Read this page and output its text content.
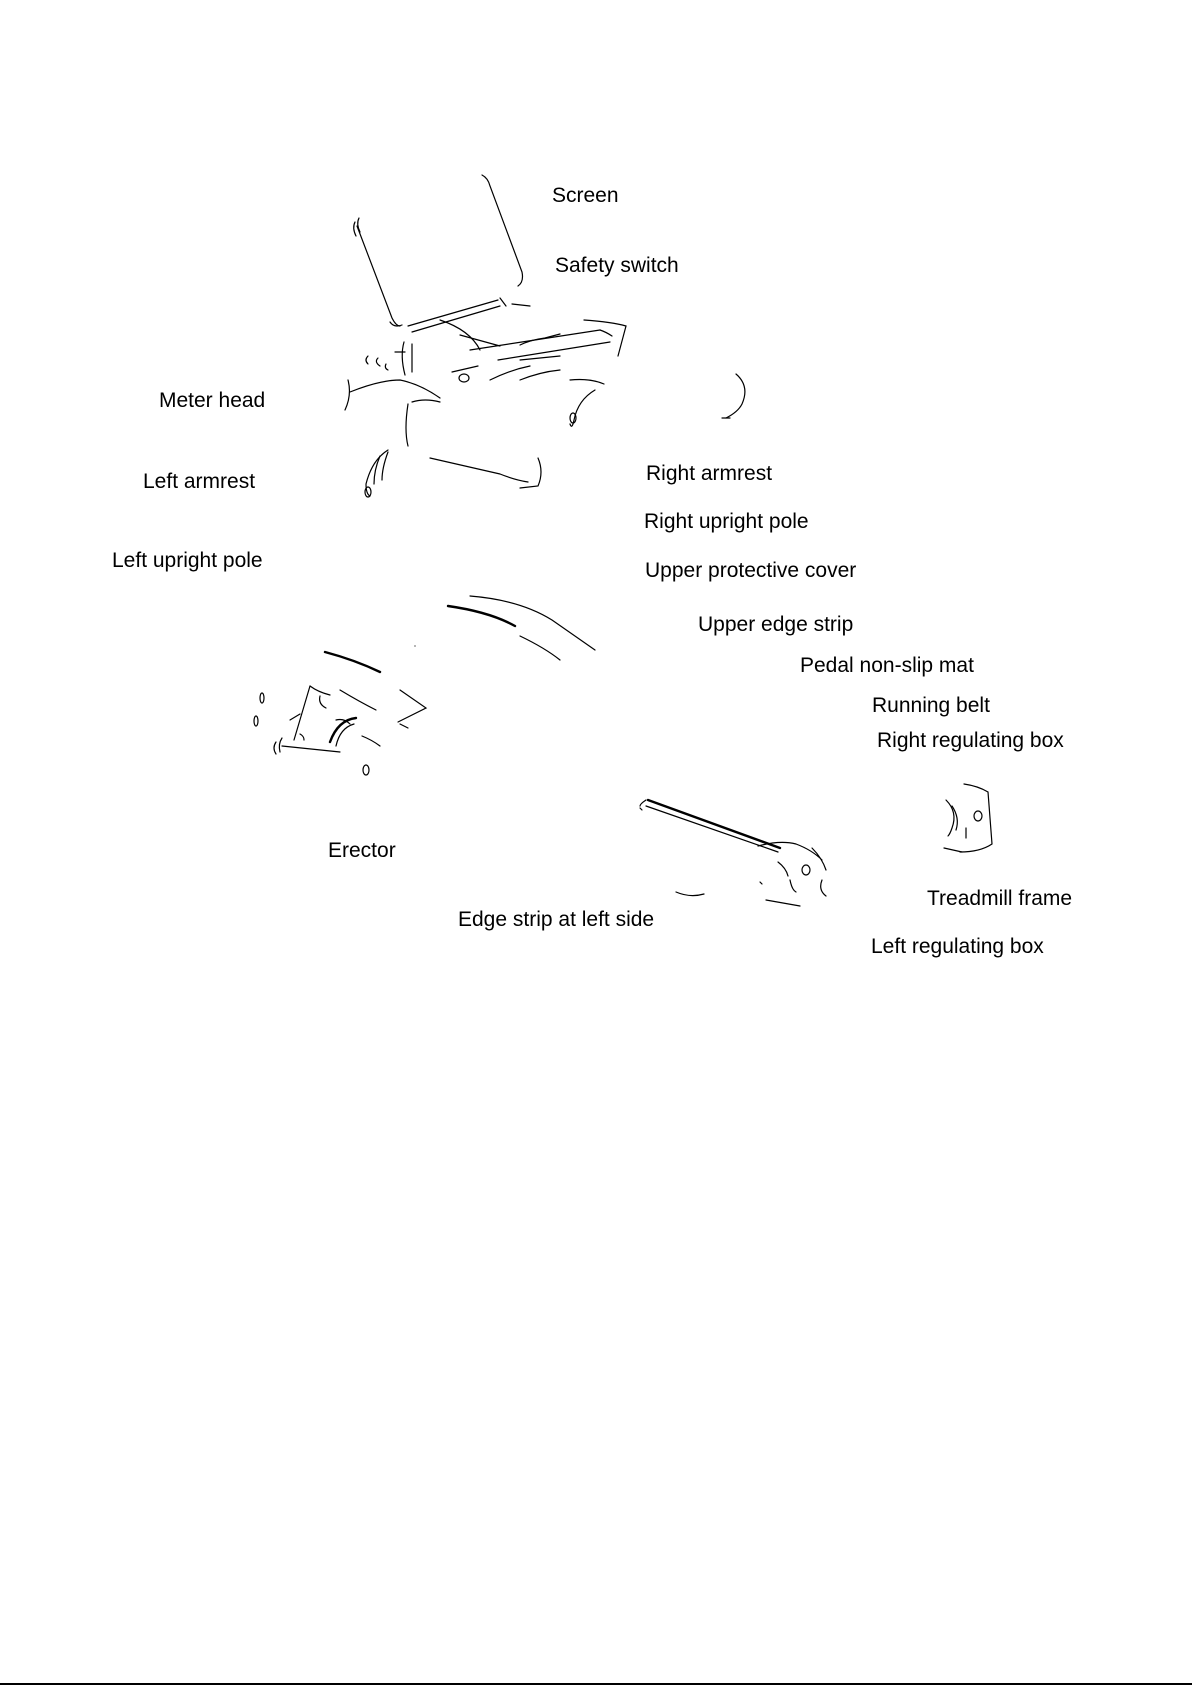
Screen
Safety switch
Meter head
Left armrest	Right armrest
Right upright pole
Left upright pole	Upper protective cover
Upper edge strip
Pedal non-slip mat
Running belt
Right regulating box
Erector
Treadmill frame
Edge strip at left side
Left regulating box
